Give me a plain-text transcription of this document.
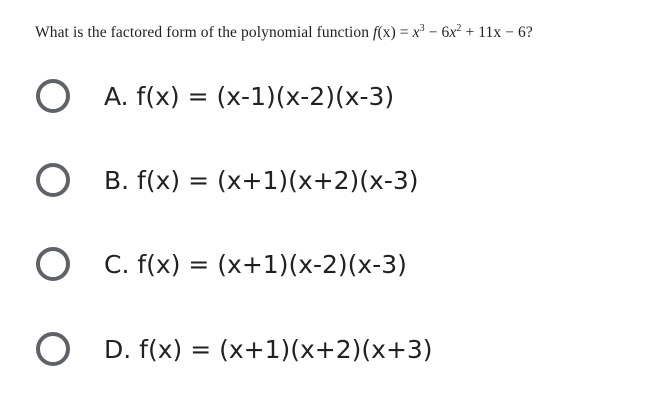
What is the factored form of the polynomial function $f(x) = x^3 - 6x^2 + 11x - 6$?
A. f(x) = (x-1)(x-2)(x-3)
B. f(x) = (x+1)(x+2)(x-3)
C. f(x) = (x+1)(x-2)(x-3)
D. f(x) = (x+1)(x+2)(x+3)
